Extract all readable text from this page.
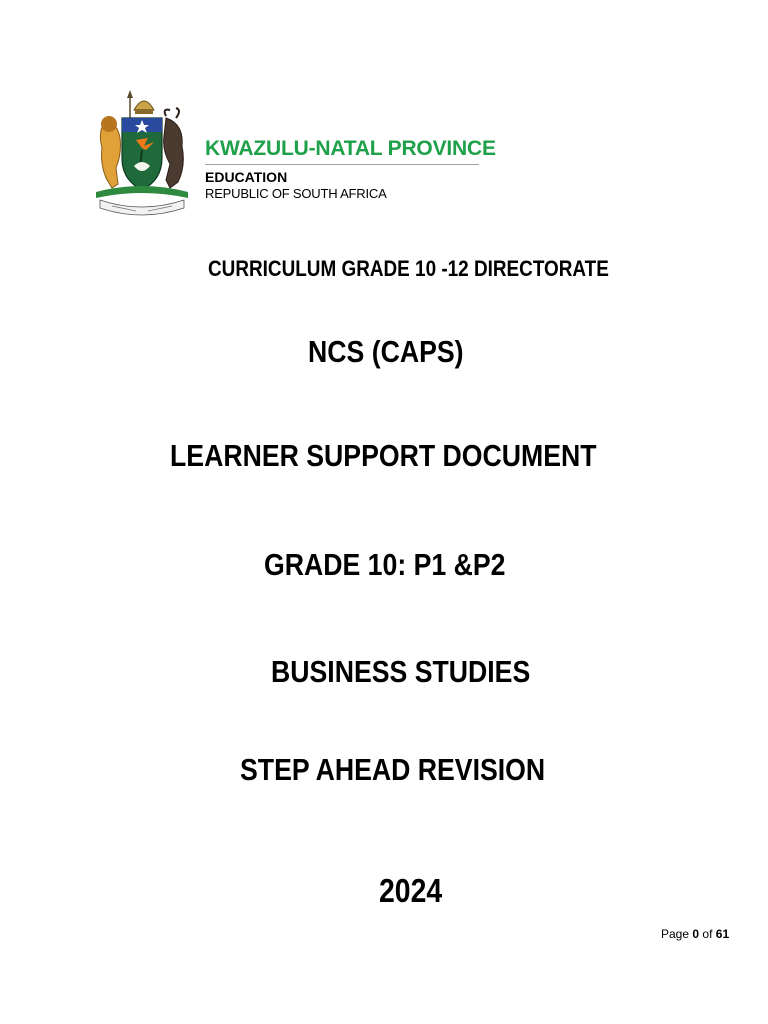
KWAZULU-NATAL PROVINCE
EDUCATION
REPUBLIC OF SOUTH AFRICA
CURRICULUM GRADE 10 -12 DIRECTORATE
NCS (CAPS)
LEARNER SUPPORT DOCUMENT
GRADE 10: P1 &P2
BUSINESS STUDIES
STEP AHEAD REVISION
2024
Page 0 of 61
